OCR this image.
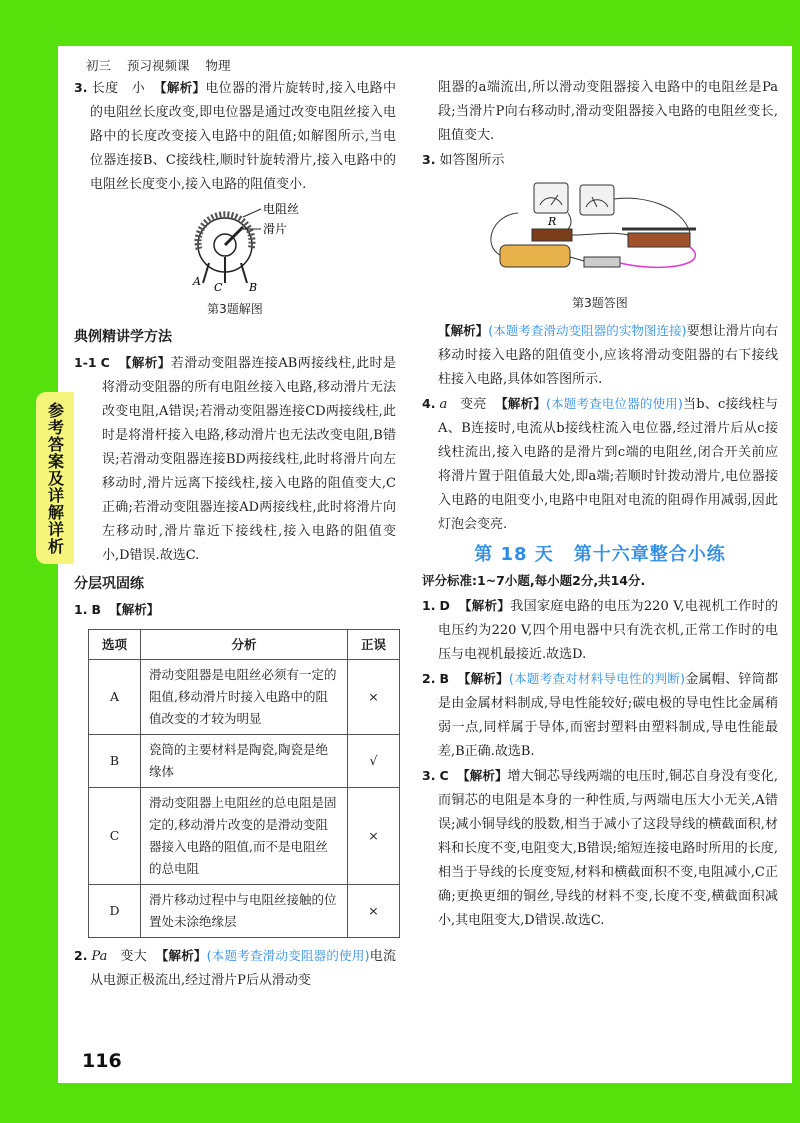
参考答案及详解详析
初三 预习视频课 物理

3. 长度 小 【解析】电位器的滑片旋转时,接入电路中的电阻丝长度改变,即电位器是通过改变电阻丝接入电路中的长度改变接入电路中的阻值;如解图所示,当电位器连接B、C接线柱,顺时针旋转滑片,接入电路中的电阻丝长度变小,接入电路的阻值变小.

电阻丝
滑片
A C B
第3题解图
典例精讲学方法

1-1 C 【解析】若滑动变阻器连接AB两接线柱,此时是将滑动变阻器的所有电阻丝接入电路,移动滑片无法改变电阻,A错误;若滑动变阻器连接CD两接线柱,此时是将滑杆接入电路,移动滑片也无法改变电阻,B错误;若滑动变阻器连接BD两接线柱,此时将滑片向左移动时,滑片远离下接线柱,接入电路的阻值变大,C正确;若滑动变阻器连接AD两接线柱,此时将滑片向左移动时,滑片靠近下接线柱,接入电路的阻值变小,D错误.故选C.

分层巩固练

1. B 【解析】

选项	分析	正误
A	滑动变阻器是电阻丝必须有一定的阻值,移动滑片时接入电路中的阻值改变的才较为明显	×
B	瓷筒的主要材料是陶瓷,陶瓷是绝缘体	√
C	滑动变阻器上电阻丝的总电阻是固定的,移动滑片改变的是滑动变阻器接入电路的阻值,而不是电阻丝的总电阻	×
D	滑片移动过程中与电阻丝接触的位置处未涂绝缘层	×

2. Pa 变大 【解析】(本题考查滑动变阻器的使用)电流从电源正极流出,经过滑片P后从滑动变

阻器的a端流出,所以滑动变阻器接入电路中的电阻丝是Pa段;当滑片P向右移动时,滑动变阻器接入电路的电阻丝变长,阻值变大.

3. 如答图所示

R
第3题答图

【解析】(本题考查滑动变阻器的实物图连接)要想让滑片向右移动时接入电路的阻值变小,应该将滑动变阻器的右下接线柱接入电路,具体如答图所示.

4. a 变亮 【解析】(本题考查电位器的使用)当b、c接线柱与A、B连接时,电流从b接线柱流入电位器,经过滑片后从c接线柱流出,接入电路的是滑片到c端的电阻丝,闭合开关前应将滑片置于阻值最大处,即a端;若顺时针拨动滑片,电位器接入电路的电阻变小,电路中电阻对电流的阻碍作用减弱,因此灯泡会变亮.

第 18 天 第十六章整合小练

评分标准:1~7小题,每小题2分,共14分.

1. D 【解析】我国家庭电路的电压为220 V,电视机工作时的电压约为220 V,四个用电器中只有洗衣机,正常工作时的电压与电视机最接近.故选D.

2. B 【解析】(本题考查对材料导电性的判断)金属帽、锌筒都是由金属材料制成,导电性能较好;碳电极的导电性比金属稍弱一点,同样属于导体,而密封塑料由塑料制成,导电性能最差,B正确.故选B.

3. C 【解析】增大铜芯导线两端的电压时,铜芯自身没有变化,而铜芯的电阻是本身的一种性质,与两端电压大小无关,A错误;减小铜导线的股数,相当于减小了这段导线的横截面积,材料和长度不变,电阻变大,B错误;缩短连接电路时所用的长度,相当于导线的长度变短,材料和横截面积不变,电阻减小,C正确;更换更细的铜丝,导线的材料不变,长度不变,横截面积减小,其电阻变大,D错误.故选C.

116
